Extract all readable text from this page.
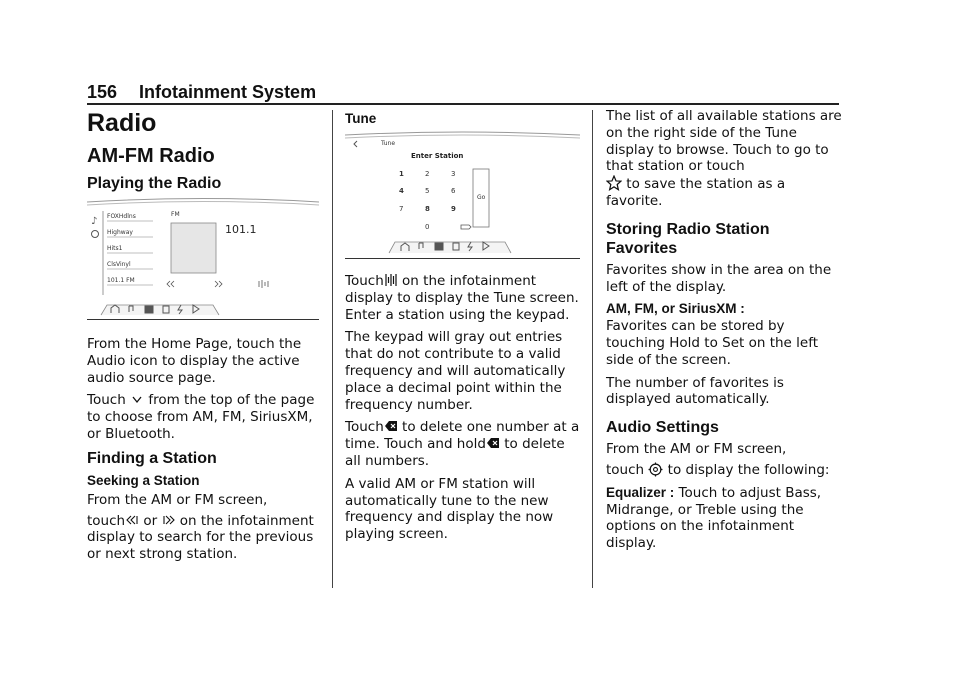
156 Infotainment System
Radio
AM-FM Radio
Playing the Radio
♪ FOXHdlns
Highway
Hits1
ClsVinyl
101.1 FM
FM
101.1

From the Home Page, touch the Audio icon to display the active audio source page.

Touch  from the top of the page to choose from AM, FM, SiriusXM, or Bluetooth.

Finding a Station
Seeking a Station

From the AM or FM screen,

touch or  on the infotainment display to search for the previous or next strong station.

Tune
Tune
Enter Station
1	2	3
4	5	6
7	8	9
0
Go

Touch on the infotainment display to display the Tune screen. Enter a station using the keypad.

The keypad will gray out entries that do not contribute to a valid frequency and will automatically place a decimal point within the frequency number.

Touch to delete one number at a time. Touch and hold to delete all numbers.

A valid AM or FM station will automatically tune to the new frequency and display the now playing screen.

The list of all available stations are on the right side of the Tune display to browse. Touch to go to that station or touch
to save the station as a favorite.

Storing Radio Station Favorites

Favorites show in the area on the left of the display.

AM, FM, or SiriusXM :
Favorites can be stored by touching Hold to Set on the left side of the screen.

The number of favorites is displayed automatically.

Audio Settings

From the AM or FM screen,

touch  to display the following:

Equalizer : Touch to adjust Bass, Midrange, or Treble using the options on the infotainment display.
